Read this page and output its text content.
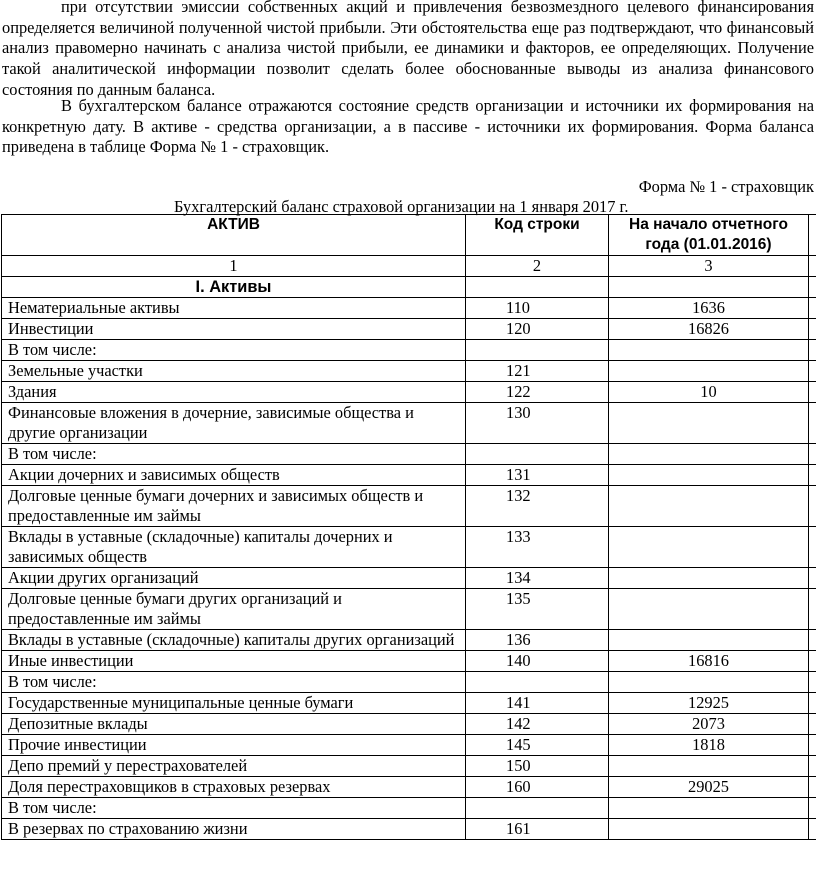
при отсутствии эмиссии собственных акций и привлечения безвозмездного целевого финансирования определяется величиной полученной чистой прибыли. Эти обстоятельства еще раз подтверждают, что финансовый анализ правомерно начинать с анализа чистой прибыли, ее динамики и факторов, ее определяющих. Получение такой аналитической информации позволит сделать более обоснованные выводы из анализа финансового состояния по данным баланса.

В бухгалтерском балансе отражаются состояние средств организации и источники их формирования на конкретную дату. В активе - средства организации, а в пассиве - источники их формирования. Форма баланса приведена в таблице Форма № 1 - страховщик.

Форма № 1 - страховщик
Бухгалтерский баланс страховой организации на 1 января 2017 г.
АКТИВ	Код строки	На начало отчетного года (01.01.2016)	
1	2	3	
I. Активы			
Нематериальные активы	110	1636	
Инвестиции	120	16826	
В том числе:			
Земельные участки	121		
Здания	122	10	
Финансовые вложения в дочерние, зависимые общества и другие организации	130		
В том числе:			
Акции дочерних и зависимых обществ	131		
Долговые ценные бумаги дочерних и зависимых обществ и предоставленные им займы	132		
Вклады в уставные (складочные) капиталы дочерних и зависимых обществ	133		
Акции других организаций	134		
Долговые ценные бумаги других организаций и предоставленные им займы	135		
Вклады в уставные (складочные) капиталы других организаций	136		
Иные инвестиции	140	16816	
В том числе:			
Государственные муниципальные ценные бумаги	141	12925	
Депозитные вклады	142	2073	
Прочие инвестиции	145	1818	
Депо премий у перестрахователей	150		
Доля перестраховщиков в страховых резервах	160	29025	
В том числе:			
В резервах по страхованию жизни	161		
